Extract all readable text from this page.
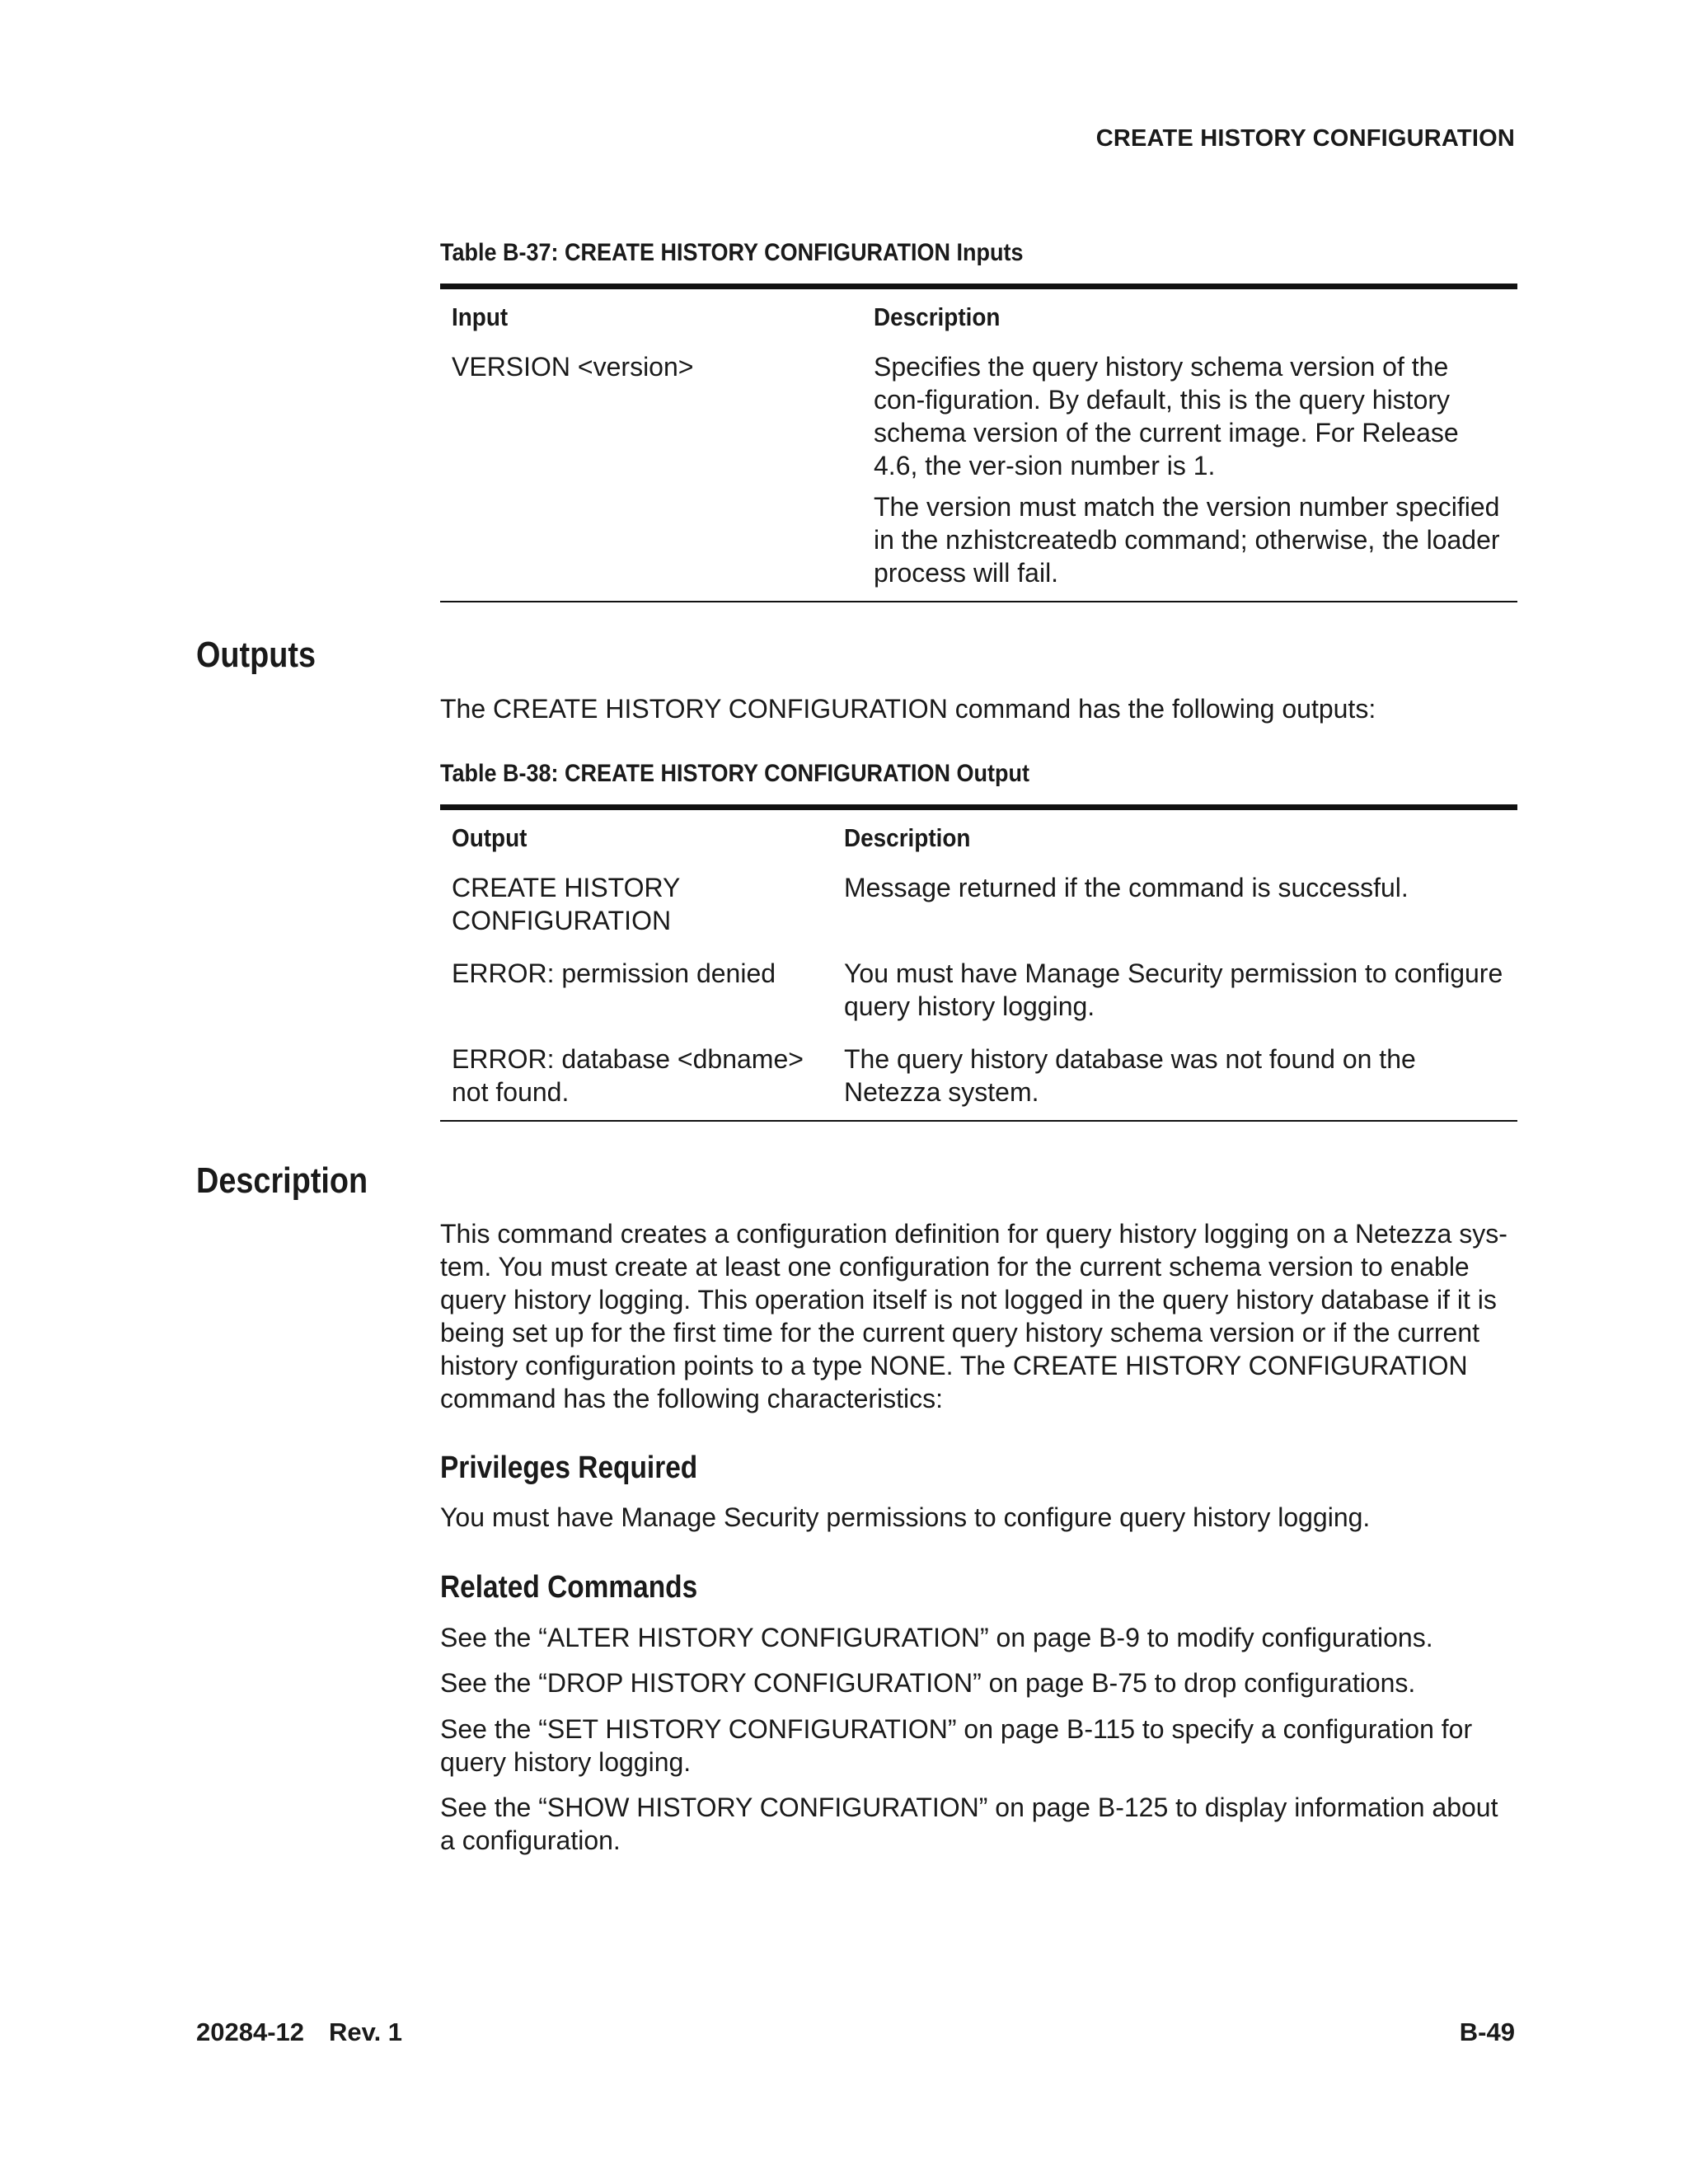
CREATE HISTORY CONFIGURATION
Table B-37: CREATE HISTORY CONFIGURATION Inputs
Input	Description
VERSION <version>	Specifies the query history schema version of the con-figuration. By default, this is the query history schema version of the current image. For Release 4.6, the ver-sion number is 1.

The version must match the version number specified in the nzhistcreatedb command; otherwise, the loader process will fail.

Outputs

The CREATE HISTORY CONFIGURATION command has the following outputs:

Table B-38: CREATE HISTORY CONFIGURATION Output
Output	Description
CREATE HISTORY CONFIGURATION	Message returned if the command is successful.
ERROR: permission denied	You must have Manage Security permission to configure query history logging.
ERROR: database <dbname> not found.	The query history database was not found on the Netezza system.
Description

This command creates a configuration definition for query history logging on a Netezza sys-tem. You must create at least one configuration for the current schema version to enable query history logging. This operation itself is not logged in the query history database if it is being set up for the first time for the current query history schema version or if the current history configuration points to a type NONE. The CREATE HISTORY CONFIGURATION command has the following characteristics:

Privileges Required

You must have Manage Security permissions to configure query history logging.

Related Commands

See the “ALTER HISTORY CONFIGURATION” on page B-9 to modify configurations.

See the “DROP HISTORY CONFIGURATION” on page B-75 to drop configurations.

See the “SET HISTORY CONFIGURATION” on page B-115 to specify a configuration for query history logging.

See the “SHOW HISTORY CONFIGURATION” on page B-125 to display information about a configuration.

20284-12 Rev. 1	B-49
